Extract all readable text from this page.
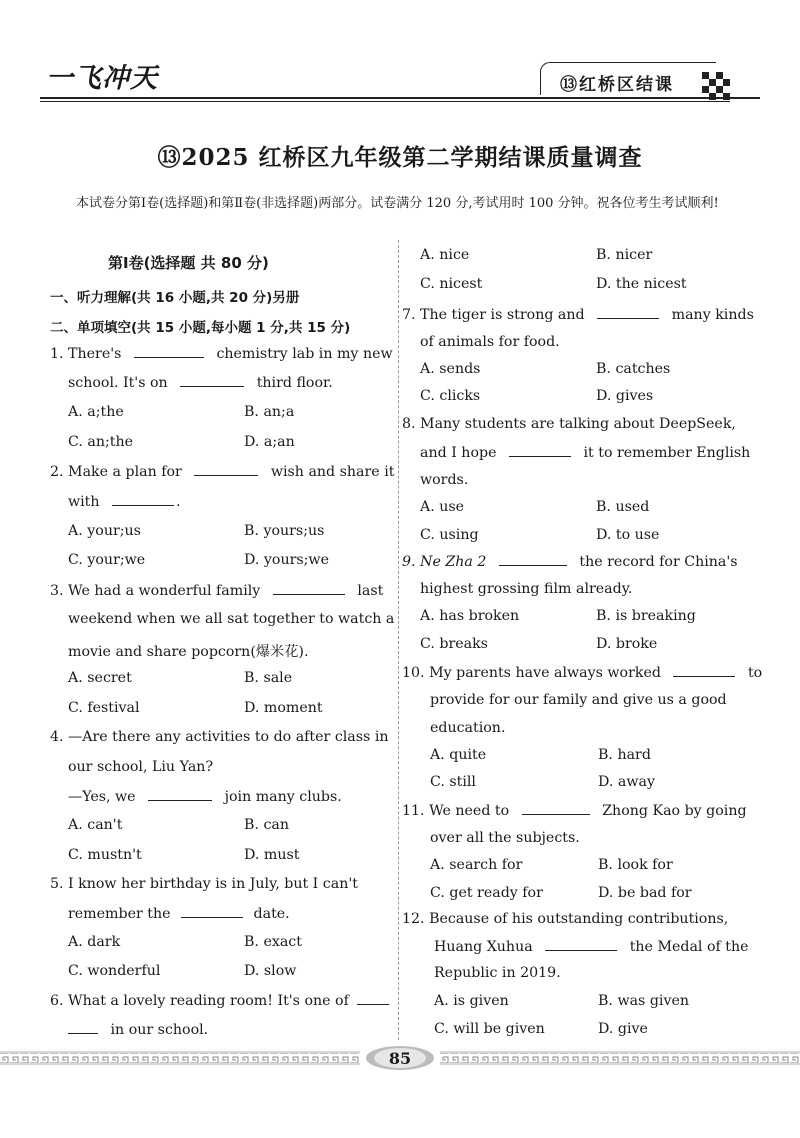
一飞冲天	⑬红桥区结课
⑬2025 红桥区九年级第二学期结课质量调查
本试卷分第Ⅰ卷(选择题)和第Ⅱ卷(非选择题)两部分。试卷满分 120 分,考试用时 100 分钟。祝各位考生考试顺利!
第Ⅰ卷(选择题 共 80 分)
一、听力理解(共 16 小题,共 20 分)另册
二、单项填空(共 15 小题,每小题 1 分,共 15 分)
1. There's	chemistry lab in my new
school. It's on	third floor.
A. a;the	B. an;a
C. an;the	D. a;an
2. Make a plan for	wish and share it
with	.
A. your;us	B. yours;us
C. your;we	D. yours;we
3. We had a wonderful family	last
weekend when we all sat together to watch a
movie and share popcorn(爆米花).
A. secret	B. sale
C. festival	D. moment
4. —Are there any activities to do after class in
our school, Liu Yan?
—Yes, we	join many clubs.
A. can't	B. can
C. mustn't	D. must
5. I know her birthday is in July, but I can't
remember the	date.
A. dark	B. exact
C. wonderful	D. slow
6. What a lovely reading room! It's one of
in our school.
A. nice	B. nicer
C. nicest	D. the nicest
7. The tiger is strong and	many kinds
of animals for food.
A. sends	B. catches
C. clicks	D. gives
8. Many students are talking about DeepSeek,
and I hope	it to remember English
words.
A. use	B. used
C. using	D. to use
9. Ne Zha 2	the record for China's
highest grossing film already.
A. has broken	B. is breaking
C. breaks	D. broke
10. My parents have always worked	to
provide for our family and give us a good
education.
A. quite	B. hard
C. still	D. away
11. We need to	Zhong Kao by going
over all the subjects.
A. search for	B. look for
C. get ready for	D. be bad for
12. Because of his outstanding contributions,
Huang Xuhua	the Medal of the
Republic in 2019.
A. is given	B. was given
C. will be given	D. give
85
